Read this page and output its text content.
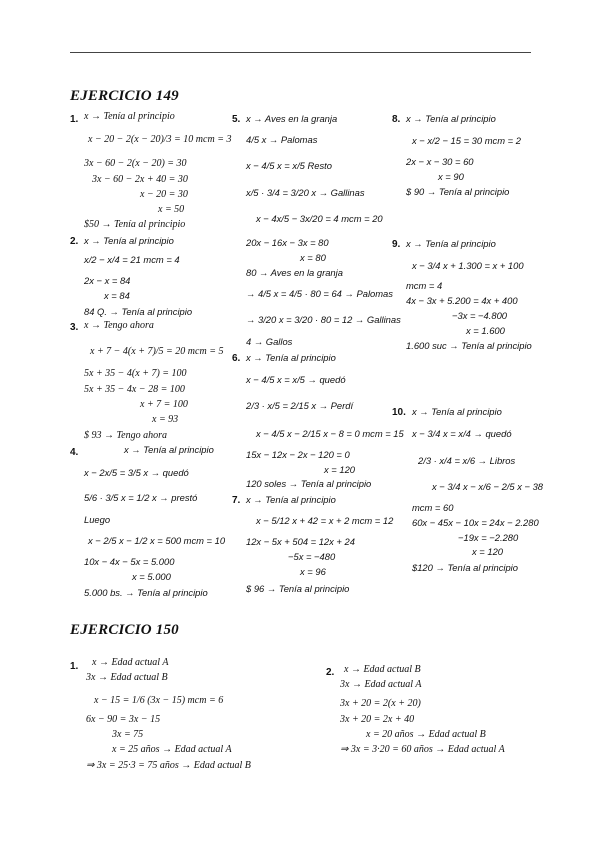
EJERCICIO 149
EJERCICIO 150
1. x → Tenía al principio
x − 20 − 2(x − 20)/3 = 10 mcm = 3
3x − 60 − 2(x − 20) = 30
3x − 60 − 2x + 40 = 30
x − 20 = 30
x = 50
$50 → Tenía al principio
2. x → Tenía al principio
x/2 − x/4 = 21 mcm = 4
2x − x = 84
x = 84
84 Q. → Tenía al principio
3. x → Tengo ahora
x + 7 − 4(x + 7)/5 = 20 mcm = 5
5x + 35 − 4(x + 7) = 100
5x + 35 − 4x − 28 = 100
x + 7 = 100
x = 93
$ 93 → Tengo ahora
4.	x → Tenía al principio
x − 2x/5 = 3/5 x → quedó
5/6 · 3/5 x = 1/2 x → prestó
Luego
x − 2/5 x − 1/2 x = 500 mcm = 10
10x − 4x − 5x = 5.000
x = 5.000
5.000 bs. → Tenía al principio
5. x → Aves en la granja
4/5 x → Palomas
x − 4/5 x = x/5 Resto
x/5 · 3/4 = 3/20 x → Gallinas
x − 4x/5 − 3x/20 = 4 mcm = 20
20x − 16x − 3x = 80
x = 80
80 → Aves en la granja
→ 4/5 x = 4/5 · 80 = 64 → Palomas
→ 3/20 x = 3/20 · 80 = 12 → Gallinas
4 → Gallos
6. x → Tenía al principio
x − 4/5 x = x/5 → quedó
2/3 · x/5 = 2/15 x → Perdí
x − 4/5 x − 2/15 x − 8 = 0 mcm = 15
15x − 12x − 2x − 120 = 0
x = 120
120 soles → Tenía al principio
7. x → Tenía al principio
x − 5/12 x + 42 = x + 2 mcm = 12
12x − 5x + 504 = 12x + 24
−5x = −480
x = 96
$ 96 → Tenía al principio
8. x → Tenía al principio
x − x/2 − 15 = 30 mcm = 2
2x − x − 30 = 60
x = 90
$ 90 → Tenía al principio
9. x → Tenía al principio
x − 3/4 x + 1.300 = x + 100
mcm = 4
4x − 3x + 5.200 = 4x + 400
−3x = −4.800
x = 1.600
1.600 suc → Tenía al principio
10. x → Tenía al principio
x − 3/4 x = x/4 → quedó
2/3 · x/4 = x/6 → Libros
x − 3/4 x − x/6 − 2/5 x − 38
mcm = 60
60x − 45x − 10x = 24x − 2.280
−19x = −2.280
x = 120
$120 → Tenía al principio
1. x → Edad actual A
3x → Edad actual B
x − 15 = 1/6 (3x − 15) mcm = 6
6x − 90 = 3x − 15
3x = 75
x = 25 años → Edad actual A
⇒ 3x = 25·3 = 75 años → Edad actual B
2. x → Edad actual B
3x → Edad actual A
3x + 20 = 2(x + 20)
3x + 20 = 2x + 40
x = 20 años → Edad actual B
⇒ 3x = 3·20 = 60 años → Edad actual A
